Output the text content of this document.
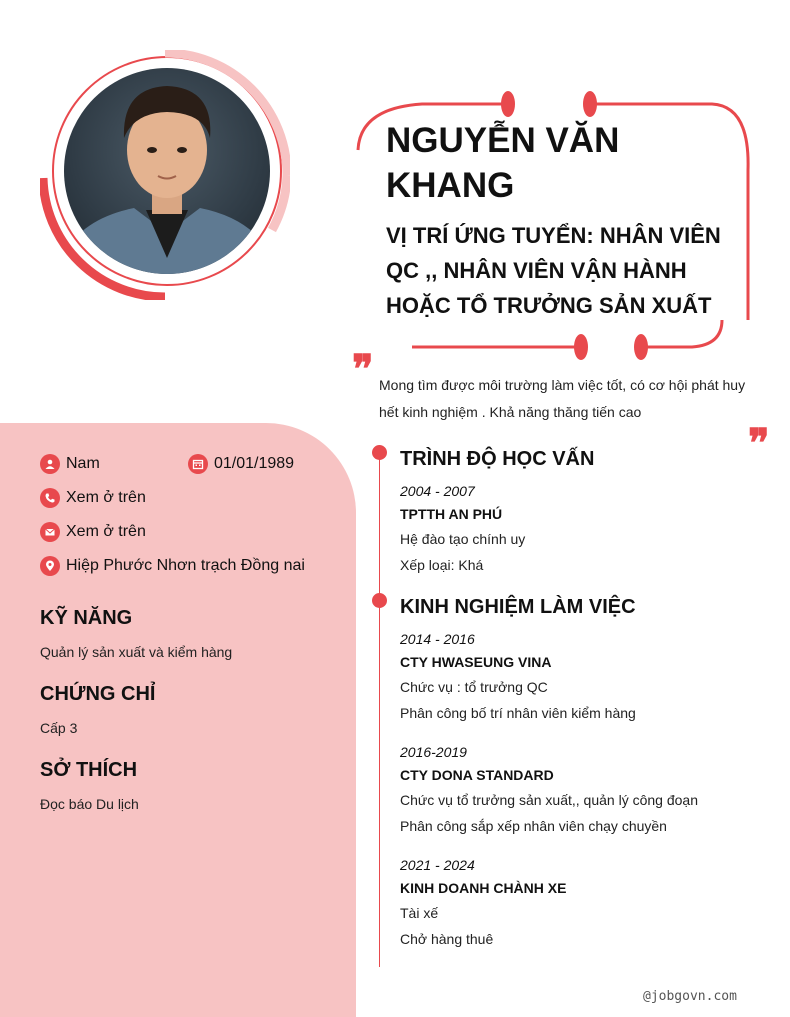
NGUYỄN VĂN KHANG
VỊ TRÍ ỨNG TUYỂN: NHÂN VIÊN QC ,, NHÂN VIÊN VẬN HÀNH HOẶC TỔ TRƯỞNG SẢN XUẤT
❞ Mong tìm được môi trường làm việc tốt, có cơ hội phát huy hết kinh nghiệm . Khả năng thăng tiến cao
❞
Nam	01/01/1989
Xem ở trên
Xem ở trên
Hiệp Phước Nhơn trạch Đồng nai
KỸ NĂNG
Quản lý sản xuất và kiểm hàng
CHỨNG CHỈ
Cấp 3
SỞ THÍCH
Đọc báo Du lịch
TRÌNH ĐỘ HỌC VẤN
2004 - 2007
TPTTH AN PHÚ
Hệ đào tạo chính uy
Xếp loại: Khá
KINH NGHIỆM LÀM VIỆC
2014 - 2016
CTY HWASEUNG VINA
Chức vụ : tổ trưởng QC
Phân công bố trí nhân viên kiểm hàng
2016-2019
CTY DONA STANDARD
Chức vụ tổ trưởng sản xuất,, quản lý công đoạn
Phân công sắp xếp nhân viên chạy chuyền
2021 - 2024
KINH DOANH CHÀNH XE
Tài xế
Chở hàng thuê
@jobgovn.com
